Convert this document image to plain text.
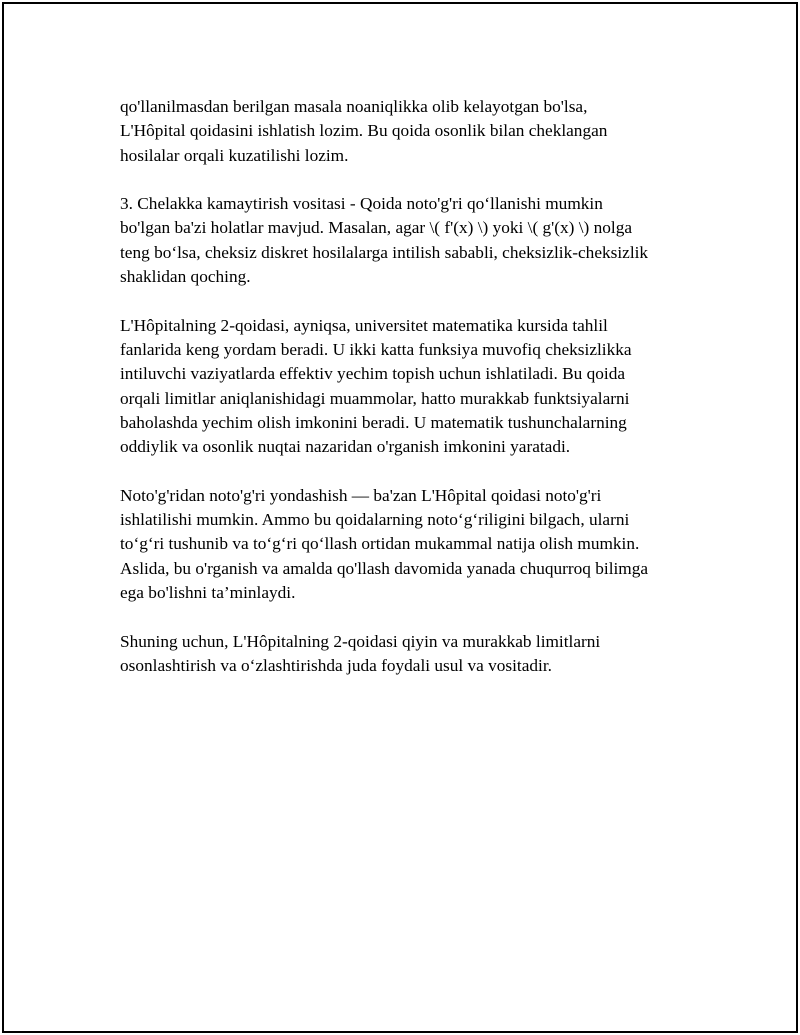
qo'llanilmasdan berilgan masala noaniqlikka olib kelayotgan bo'lsa,
L'Hôpital qoidasini ishlatish lozim. Bu qoida osonlik bilan cheklangan
hosilalar orqali kuzatilishi lozim.

3. Chelakka kamaytirish vositasi - Qoida noto'g'ri qo‘llanishi mumkin
bo'lgan ba'zi holatlar mavjud. Masalan, agar \( f'(x) \) yoki \( g'(x) \) nolga
teng bo‘lsa, cheksiz diskret hosilalarga intilish sababli, cheksizlik-cheksizlik
shaklidan qoching.

L'Hôpitalning 2-qoidasi, ayniqsa, universitet matematika kursida tahlil
fanlarida keng yordam beradi. U ikki katta funksiya muvofiq cheksizlikka
intiluvchi vaziyatlarda effektiv yechim topish uchun ishlatiladi. Bu qoida
orqali limitlar aniqlanishidagi muammolar, hatto murakkab funktsiyalarni
baholashda yechim olish imkonini beradi. U matematik tushunchalarning
oddiylik va osonlik nuqtai nazaridan o'rganish imkonini yaratadi.

Noto'g'ridan noto'g'ri yondashish — ba'zan L'Hôpital qoidasi noto'g'ri
ishlatilishi mumkin. Ammo bu qoidalarning noto‘g‘riligini bilgach, ularni
to‘g‘ri tushunib va to‘g‘ri qo‘llash ortidan mukammal natija olish mumkin.
Aslida, bu o'rganish va amalda qo'llash davomida yanada chuqurroq bilimga
ega bo'lishni ta’minlaydi.

Shuning uchun, L'Hôpitalning 2-qoidasi qiyin va murakkab limitlarni
osonlashtirish va o‘zlashtirishda juda foydali usul va vositadir.
